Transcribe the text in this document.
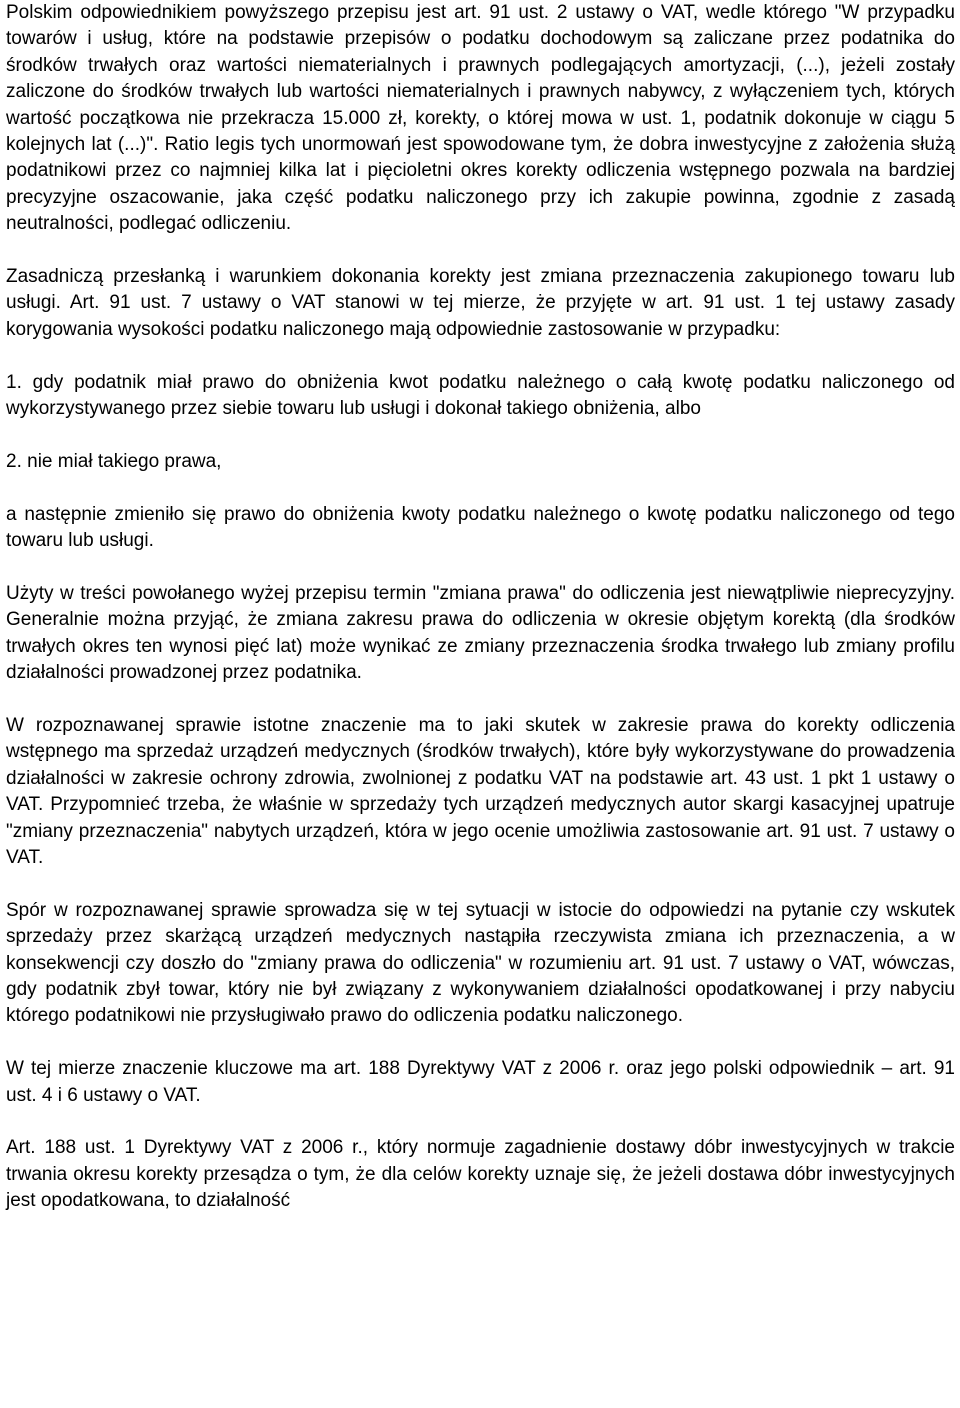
Polskim odpowiednikiem powyższego przepisu jest art. 91 ust. 2 ustawy o VAT, wedle którego "W przypadku towarów i usług, które na podstawie przepisów o podatku dochodowym są zaliczane przez podatnika do środków trwałych oraz wartości niematerialnych i prawnych podlegających amortyzacji, (...), jeżeli zostały zaliczone do środków trwałych lub wartości niematerialnych i prawnych nabywcy, z wyłączeniem tych, których wartość początkowa nie przekracza 15.000 zł, korekty, o której mowa w ust. 1, podatnik dokonuje w ciągu 5 kolejnych lat (...)". Ratio legis tych unormowań jest spowodowane tym, że dobra inwestycyjne z założenia służą podatnikowi przez co najmniej kilka lat i pięcioletni okres korekty odliczenia wstępnego pozwala na bardziej precyzyjne oszacowanie, jaka część podatku naliczonego przy ich zakupie powinna, zgodnie z zasadą neutralności, podlegać odliczeniu.

Zasadniczą przesłanką i warunkiem dokonania korekty jest zmiana przeznaczenia zakupionego towaru lub usługi. Art. 91 ust. 7 ustawy o VAT stanowi w tej mierze, że przyjęte w art. 91 ust. 1 tej ustawy zasady korygowania wysokości podatku naliczonego mają odpowiednie zastosowanie w przypadku:

1. gdy podatnik miał prawo do obniżenia kwot podatku należnego o całą kwotę podatku naliczonego od wykorzystywanego przez siebie towaru lub usługi i dokonał takiego obniżenia, albo

2. nie miał takiego prawa,

a następnie zmieniło się prawo do obniżenia kwoty podatku należnego o kwotę podatku naliczonego od tego towaru lub usługi.

Użyty w treści powołanego wyżej przepisu termin "zmiana prawa" do odliczenia jest niewątpliwie nieprecyzyjny. Generalnie można przyjąć, że zmiana zakresu prawa do odliczenia w okresie objętym korektą (dla środków trwałych okres ten wynosi pięć lat) może wynikać ze zmiany przeznaczenia środka trwałego lub zmiany profilu działalności prowadzonej przez podatnika.

W rozpoznawanej sprawie istotne znaczenie ma to jaki skutek w zakresie prawa do korekty odliczenia wstępnego ma sprzedaż urządzeń medycznych (środków trwałych), które były wykorzystywane do prowadzenia działalności w zakresie ochrony zdrowia, zwolnionej z podatku VAT na podstawie art. 43 ust. 1 pkt 1 ustawy o VAT. Przypomnieć trzeba, że właśnie w sprzedaży tych urządzeń medycznych autor skargi kasacyjnej upatruje "zmiany przeznaczenia" nabytych urządzeń, która w jego ocenie umożliwia zastosowanie art. 91 ust. 7 ustawy o VAT.

Spór w rozpoznawanej sprawie sprowadza się w tej sytuacji w istocie do odpowiedzi na pytanie czy wskutek sprzedaży przez skarżącą urządzeń medycznych nastąpiła rzeczywista zmiana ich przeznaczenia, a w konsekwencji czy doszło do "zmiany prawa do odliczenia" w rozumieniu art. 91 ust. 7 ustawy o VAT, wówczas, gdy podatnik zbył towar, który nie był związany z wykonywaniem działalności opodatkowanej i przy nabyciu którego podatnikowi nie przysługiwało prawo do odliczenia podatku naliczonego.

W tej mierze znaczenie kluczowe ma art. 188 Dyrektywy VAT z 2006 r. oraz jego polski odpowiednik – art. 91 ust. 4 i 6 ustawy o VAT.

Art. 188 ust. 1 Dyrektywy VAT z 2006 r., który normuje zagadnienie dostawy dóbr inwestycyjnych w trakcie trwania okresu korekty przesądza o tym, że dla celów korekty uznaje się, że jeżeli dostawa dóbr inwestycyjnych jest opodatkowana, to działalność
